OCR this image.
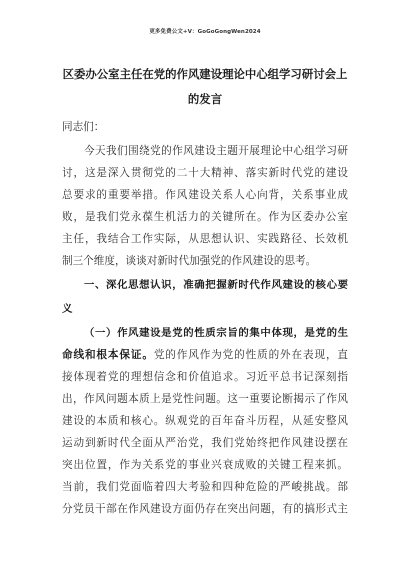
更多免费公文+V：GoGoGongWen2024
区委办公室主任在党的作风建设理论中心组学习研讨会上
的发言
同志们：
今天我们围绕党的作风建设主题开展理论中心组学习研
讨，这是深入贯彻党的二十大精神、落实新时代党的建设
总要求的重要举措。作风建设关系人心向背，关系事业成
败，是我们党永葆生机活力的关键所在。作为区委办公室
主任，我结合工作实际，从思想认识、实践路径、长效机
制三个维度，谈谈对新时代加强党的作风建设的思考。
一、深化思想认识，准确把握新时代作风建设的核心要
义
（一）作风建设是党的性质宗旨的集中体现，是党的生
命线和根本保证。党的作风作为党的性质的外在表现，直
接体现着党的理想信念和价值追求。习近平总书记深刻指
出，作风问题本质上是党性问题。这一重要论断揭示了作风
建设的本质和核心。纵观党的百年奋斗历程，从延安整风
运动到新时代全面从严治党，我们党始终把作风建设摆在
突出位置，作为关系党的事业兴衰成败的关键工程来抓。
当前，我们党面临着四大考验和四种危险的严峻挑战。部
分党员干部在作风建设方面仍存在突出问题，有的搞形式主
